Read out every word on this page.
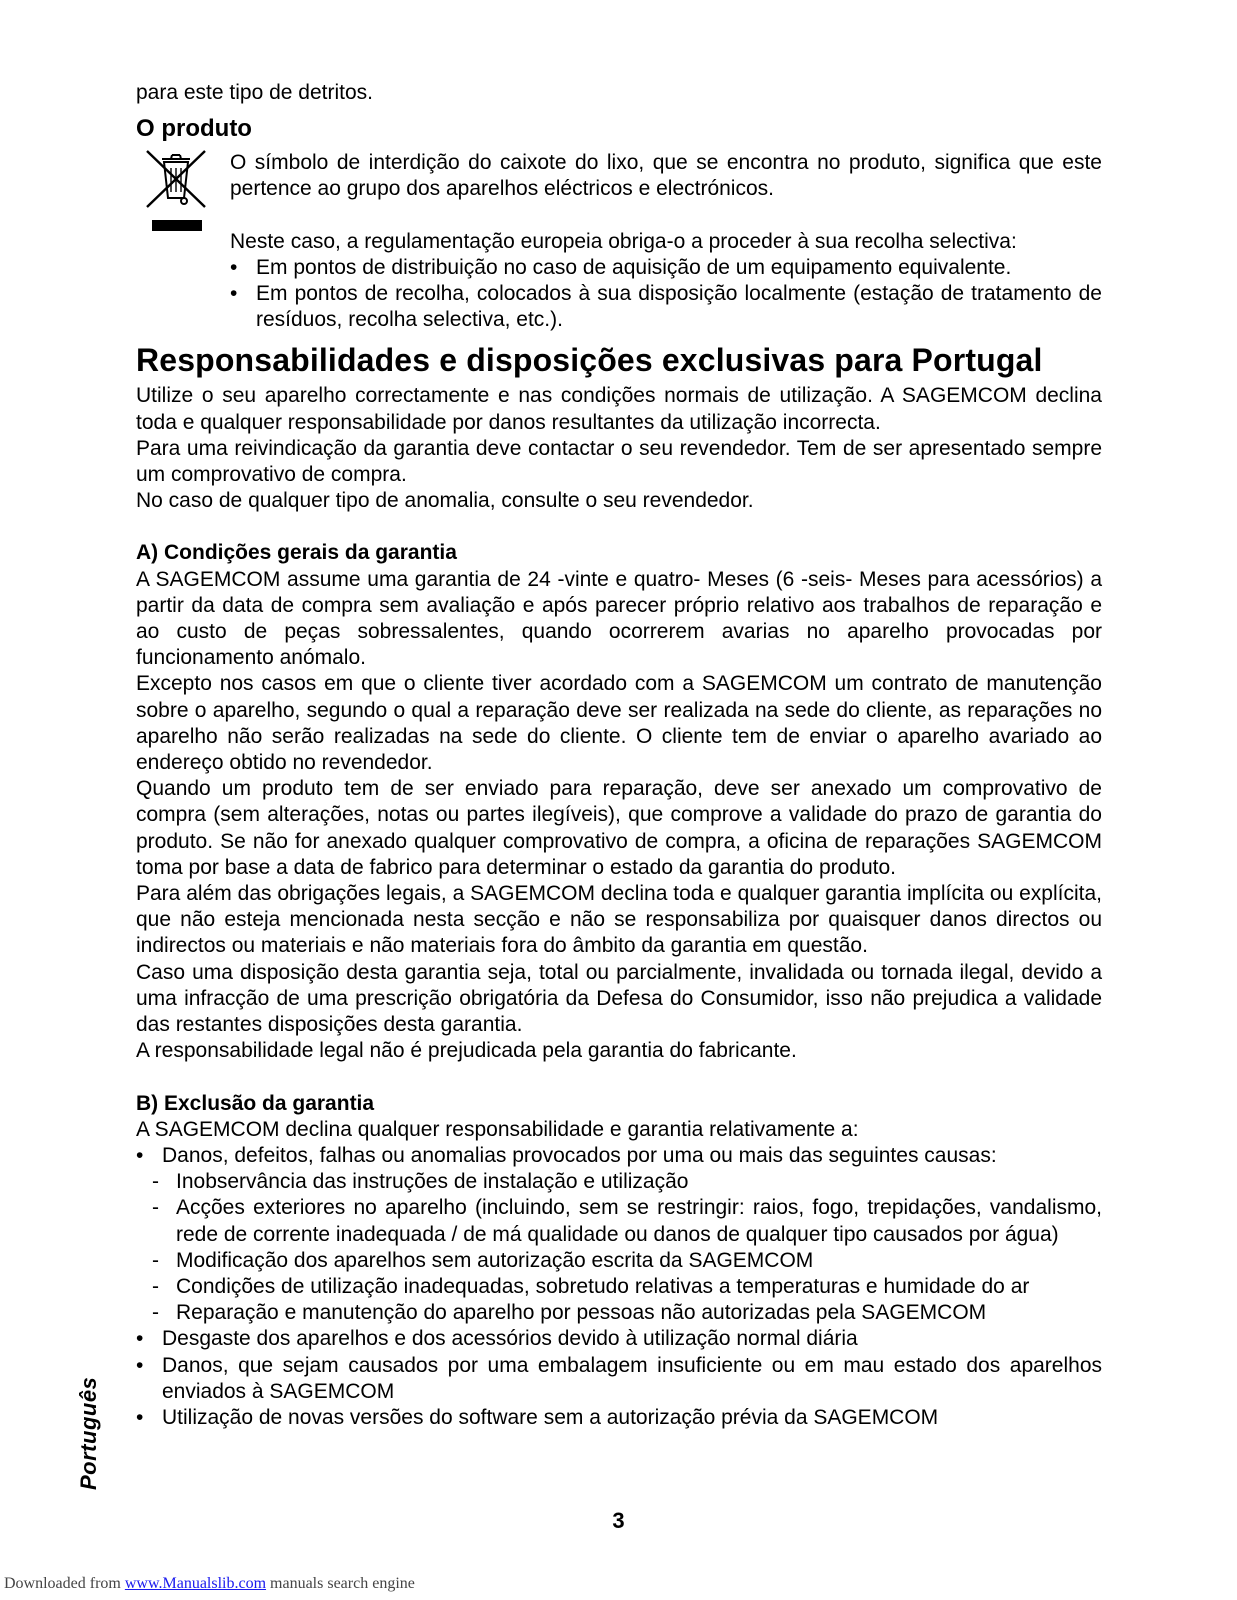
para este tipo de detritos.

O produto

O símbolo de interdição do caixote do lixo, que se encontra no produto, significa que este pertence ao grupo dos aparelhos eléctricos e electrónicos.

Neste caso, a regulamentação europeia obriga-o a proceder à sua recolha selectiva:

• Em pontos de distribuição no caso de aquisição de um equipamento equivalente.
• Em pontos de recolha, colocados à sua disposição localmente (estação de tratamento de resíduos, recolha selectiva, etc.).
Responsabilidades e disposições exclusivas para Portugal

Utilize o seu aparelho correctamente e nas condições normais de utilização. A SAGEMCOM declina toda e qualquer responsabilidade por danos resultantes da utilização incorrecta.

Para uma reivindicação da garantia deve contactar o seu revendedor. Tem de ser apresentado sempre um comprovativo de compra.

No caso de qualquer tipo de anomalia, consulte o seu revendedor.

A) Condições gerais da garantia

A SAGEMCOM assume uma garantia de 24 -vinte e quatro- Meses (6 -seis- Meses para acessórios) a partir da data de compra sem avaliação e após parecer próprio relativo aos trabalhos de reparação e ao custo de peças sobressalentes, quando ocorrerem avarias no aparelho provocadas por funcionamento anómalo.

Excepto nos casos em que o cliente tiver acordado com a SAGEMCOM um contrato de manutenção sobre o aparelho, segundo o qual a reparação deve ser realizada na sede do cliente, as reparações no aparelho não serão realizadas na sede do cliente. O cliente tem de enviar o aparelho avariado ao endereço obtido no revendedor.

Quando um produto tem de ser enviado para reparação, deve ser anexado um comprovativo de compra (sem alterações, notas ou partes ilegíveis), que comprove a validade do prazo de garantia do produto. Se não for anexado qualquer comprovativo de compra, a oficina de reparações SAGEMCOM toma por base a data de fabrico para determinar o estado da garantia do produto.

Para além das obrigações legais, a SAGEMCOM declina toda e qualquer garantia implícita ou explícita, que não esteja mencionada nesta secção e não se responsabiliza por quaisquer danos directos ou indirectos ou materiais e não materiais fora do âmbito da garantia em questão.

Caso uma disposição desta garantia seja, total ou parcialmente, invalidada ou tornada ilegal, devido a uma infracção de uma prescrição obrigatória da Defesa do Consumidor, isso não prejudica a validade das restantes disposições desta garantia.

A responsabilidade legal não é prejudicada pela garantia do fabricante.

B) Exclusão da garantia

A SAGEMCOM declina qualquer responsabilidade e garantia relativamente a:

• Danos, defeitos, falhas ou anomalias provocados por uma ou mais das seguintes causas:
- Inobservância das instruções de instalação e utilização
- Acções exteriores no aparelho (incluindo, sem se restringir: raios, fogo, trepidações, vandalismo, rede de corrente inadequada / de má qualidade ou danos de qualquer tipo causados por água)
- Modificação dos aparelhos sem autorização escrita da SAGEMCOM
- Condições de utilização inadequadas, sobretudo relativas a temperaturas e humidade do ar
- Reparação e manutenção do aparelho por pessoas não autorizadas pela SAGEMCOM
• Desgaste dos aparelhos e dos acessórios devido à utilização normal diária
• Danos, que sejam causados por uma embalagem insuficiente ou em mau estado dos aparelhos enviados à SAGEMCOM
• Utilização de novas versões do software sem a autorização prévia da SAGEMCOM
Português
3
Downloaded from www.Manualslib.com manuals search engine
